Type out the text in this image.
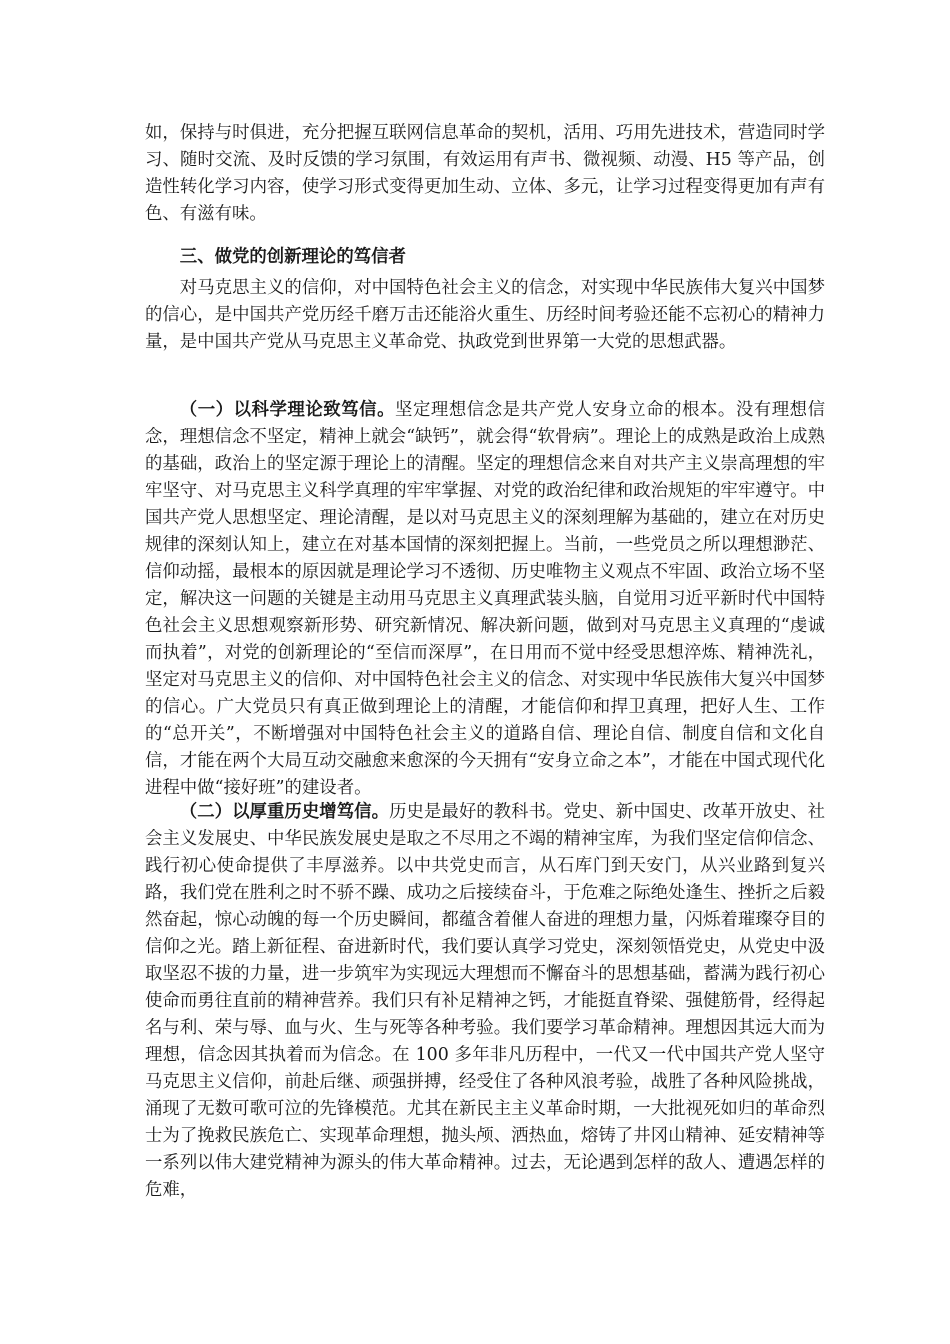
如，保持与时俱进，充分把握互联网信息革命的契机，活用、巧用先进技术，营造同时学习、随时交流、及时反馈的学习氛围，有效运用有声书、微视频、动漫、H5 等产品，创造性转化学习内容，使学习形式变得更加生动、立体、多元，让学习过程变得更加有声有色、有滋有味。

三、做党的创新理论的笃信者

对马克思主义的信仰，对中国特色社会主义的信念，对实现中华民族伟大复兴中国梦的信心，是中国共产党历经千磨万击还能浴火重生、历经时间考验还能不忘初心的精神力量，是中国共产党从马克思主义革命党、执政党到世界第一大党的思想武器。

（一）以科学理论致笃信。坚定理想信念是共产党人安身立命的根本。没有理想信念，理想信念不坚定，精神上就会“缺钙”，就会得“软骨病”。理论上的成熟是政治上成熟的基础，政治上的坚定源于理论上的清醒。坚定的理想信念来自对共产主义崇高理想的牢牢坚守、对马克思主义科学真理的牢牢掌握、对党的政治纪律和政治规矩的牢牢遵守。中国共产党人思想坚定、理论清醒，是以对马克思主义的深刻理解为基础的，建立在对历史规律的深刻认知上，建立在对基本国情的深刻把握上。当前，一些党员之所以理想渺茫、信仰动摇，最根本的原因就是理论学习不透彻、历史唯物主义观点不牢固、政治立场不坚定，解决这一问题的关键是主动用马克思主义真理武装头脑，自觉用习近平新时代中国特色社会主义思想观察新形势、研究新情况、解决新问题，做到对马克思主义真理的“虔诚而执着”，对党的创新理论的“至信而深厚”，在日用而不觉中经受思想淬炼、精神洗礼，坚定对马克思主义的信仰、对中国特色社会主义的信念、对实现中华民族伟大复兴中国梦的信心。广大党员只有真正做到理论上的清醒，才能信仰和捍卫真理，把好人生、工作的“总开关”，不断增强对中国特色社会主义的道路自信、理论自信、制度自信和文化自信，才能在两个大局互动交融愈来愈深的今天拥有“安身立命之本”，才能在中国式现代化进程中做“接好班”的建设者。

（二）以厚重历史增笃信。历史是最好的教科书。党史、新中国史、改革开放史、社会主义发展史、中华民族发展史是取之不尽用之不竭的精神宝库，为我们坚定信仰信念、践行初心使命提供了丰厚滋养。以中共党史而言，从石库门到天安门，从兴业路到复兴路，我们党在胜利之时不骄不躁、成功之后接续奋斗，于危难之际绝处逢生、挫折之后毅然奋起，惊心动魄的每一个历史瞬间，都蕴含着催人奋进的理想力量，闪烁着璀璨夺目的信仰之光。踏上新征程、奋进新时代，我们要认真学习党史，深刻领悟党史，从党史中汲取坚忍不拔的力量，进一步筑牢为实现远大理想而不懈奋斗的思想基础，蓄满为践行初心使命而勇往直前的精神营养。我们只有补足精神之钙，才能挺直脊梁、强健筋骨，经得起名与利、荣与辱、血与火、生与死等各种考验。我们要学习革命精神。理想因其远大而为理想，信念因其执着而为信念。在 100 多年非凡历程中，一代又一代中国共产党人坚守马克思主义信仰，前赴后继、顽强拼搏，经受住了各种风浪考验，战胜了各种风险挑战，涌现了无数可歌可泣的先锋模范。尤其在新民主主义革命时期，一大批视死如归的革命烈士为了挽救民族危亡、实现革命理想，抛头颅、洒热血，熔铸了井冈山精神、延安精神等一系列以伟大建党精神为源头的伟大革命精神。过去，无论遇到怎样的敌人、遭遇怎样的危难，
